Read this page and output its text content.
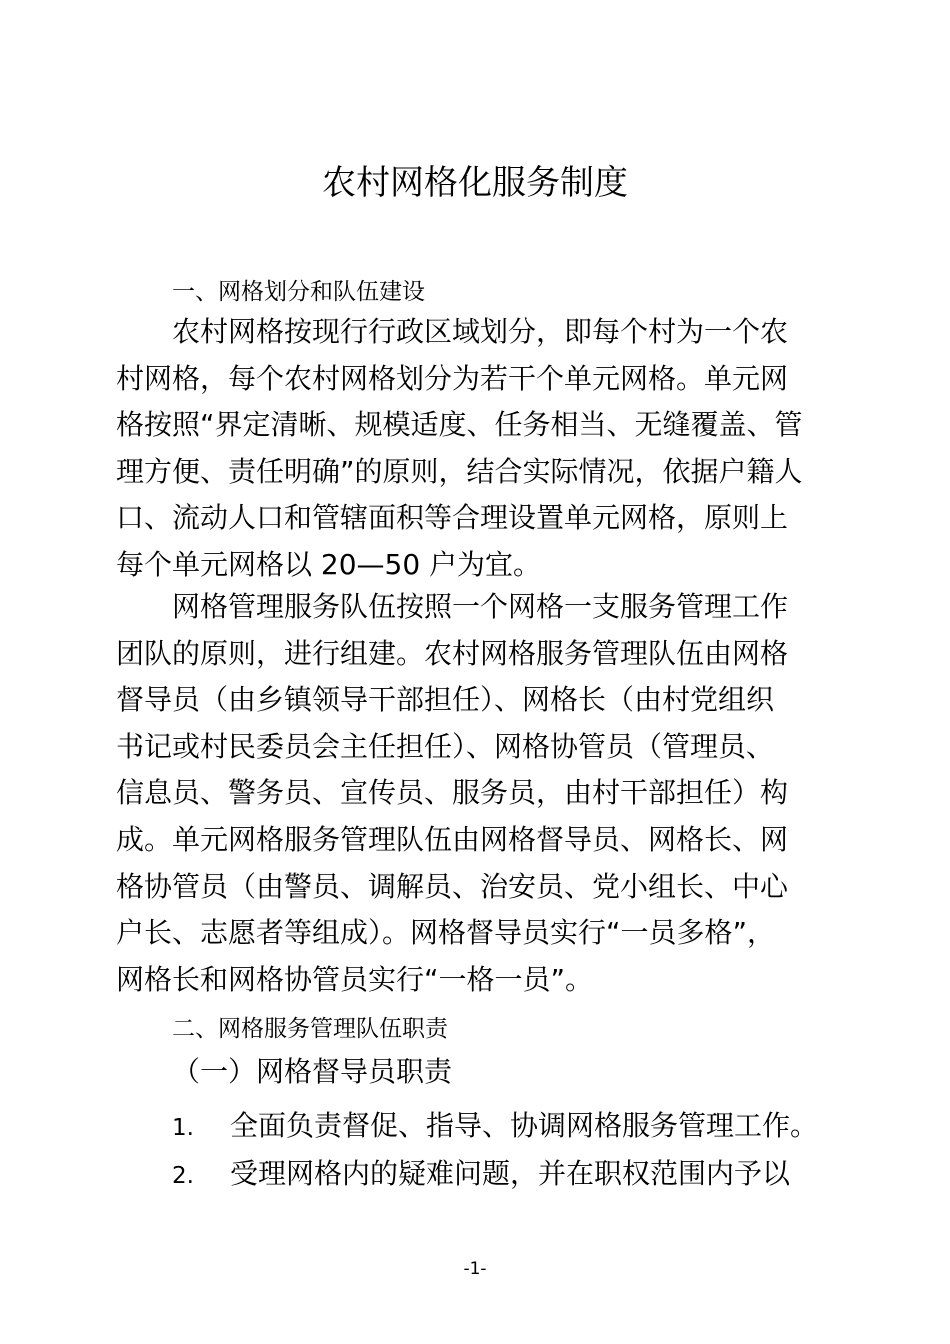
农村网格化服务制度
一、网格划分和队伍建设
农村网格按现行行政区域划分，即每个村为一个农
村网格，每个农村网格划分为若干个单元网格。单元网
格按照“界定清晰、规模适度、任务相当、无缝覆盖、管
理方便、责任明确”的原则，结合实际情况，依据户籍人
口、流动人口和管辖面积等合理设置单元网格，原则上
每个单元网格以 20—50 户为宜。
网格管理服务队伍按照一个网格一支服务管理工作
团队的原则，进行组建。农村网格服务管理队伍由网格
督导员（由乡镇领导干部担任）、网格长（由村党组织
书记或村民委员会主任担任）、网格协管员（管理员、
信息员、警务员、宣传员、服务员，由村干部担任）构
成。单元网格服务管理队伍由网格督导员、网格长、网
格协管员（由警员、调解员、治安员、党小组长、中心
户长、志愿者等组成）。网格督导员实行“一员多格”，
网格长和网格协管员实行“一格一员”。
二、网格服务管理队伍职责
（一）网格督导员职责
1. 全面负责督促、指导、协调网格服务管理工作。
2. 受理网格内的疑难问题，并在职权范围内予以
-1-
